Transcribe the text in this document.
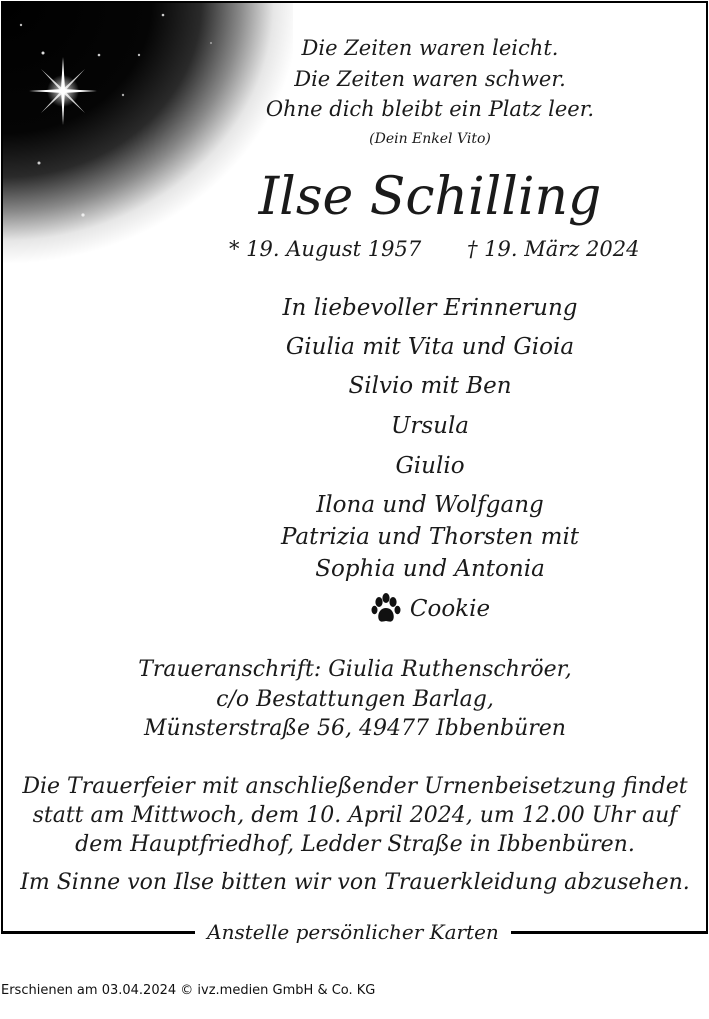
Die Zeiten waren leicht.
Die Zeiten waren schwer.
Ohne dich bleibt ein Platz leer.
(Dein Enkel Vito)
Ilse Schilling
* 19. August 1957 † 19. März 2024
In liebevoller Erinnerung
Giulia mit Vita und Gioia
Silvio mit Ben
Ursula
Giulio
Ilona und Wolfgang
Patrizia und Thorsten mit
Sophia und Antonia
Cookie
Traueranschrift: Giulia Ruthenschröer,
c/o Bestattungen Barlag,
Münsterstraße 56, 49477 Ibbenbüren
Die Trauerfeier mit anschließender Urnenbeisetzung findet
statt am Mittwoch, dem 10. April 2024, um 12.00 Uhr auf
dem Hauptfriedhof, Ledder Straße in Ibbenbüren.
Im Sinne von Ilse bitten wir von Trauerkleidung abzusehen.
Anstelle persönlicher Karten
Erschienen am 03.04.2024 © ivz.medien GmbH & Co. KG
